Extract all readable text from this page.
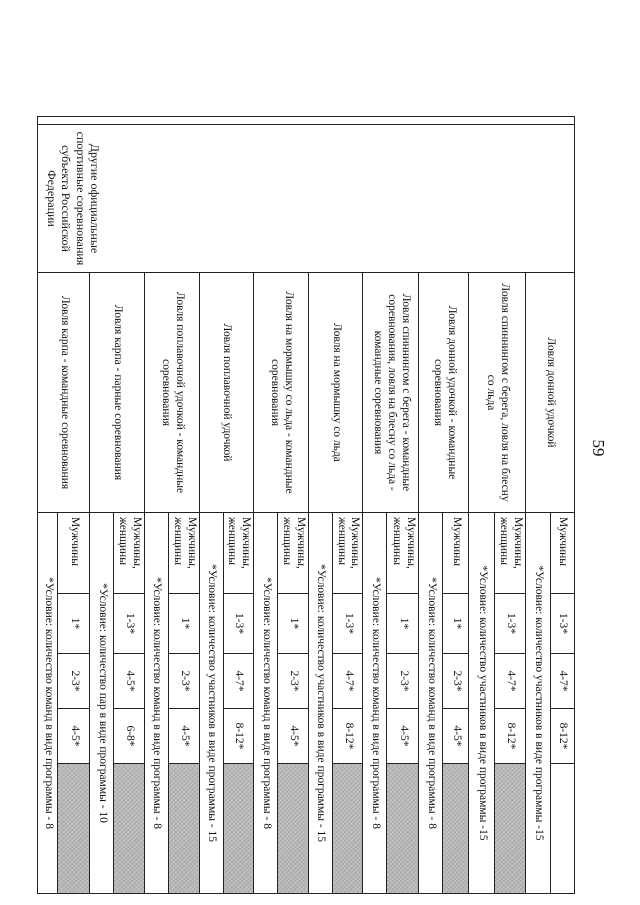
59
	Другие официальные спортивные соревнования субъекта Российской Федерации	Ловля донной удочкой	Мужчины	1-3*	4-7*	8-12*	
			*Условие: количество участников в виде программы -15				
		Ловля спиннингом с берега, ловля на блесну со льда	Мужчины, женщины	1-3*	4-7*	8-12*	
			*Условие: количество участников в виде программы -15				
		Ловля донной удочкой - командные соревнования	Мужчины	1*	2-3*	4-5*	
			*Условие: количество команд в виде программы - 8				
		Ловля спиннингом с берега - командные соревнования, ловля на блесну со льда - командные соревнования	Мужчины, женщины	1*	2-3*	4-5*	
			*Условие: количество команд в виде программы - 8				
		Ловля на мормышку со льда	Мужчины, женщины	1-3*	4-7*	8-12*	
			*Условие: количество участников в виде программы - 15				
		Ловля на мормышку со льда - командные соревнования	Мужчины, женщины	1*	2-3*	4-5*	
			*Условие: количество команд в виде программы - 8				
		Ловля поплавочной удочкой	Мужчины, женщины	1-3*	4-7*	8-12*	
			*Условие: количество участников в виде программы - 15				
		Ловля поплавочной удочкой - командные соревнования	Мужчины, женщины	1*	2-3*	4-5*	
			*Условие: количество команд в виде программы - 8				
		Ловля карпа - парные соревнования	Мужчины, женщины	1-3*	4-5*	6-8*	
			*Условие: количество пар в виде программы - 10				
		Ловля карпа - командные соревнования	Мужчины	1*	2-3*	4-5*	
			*Условие: количество команд в виде программы - 8				
